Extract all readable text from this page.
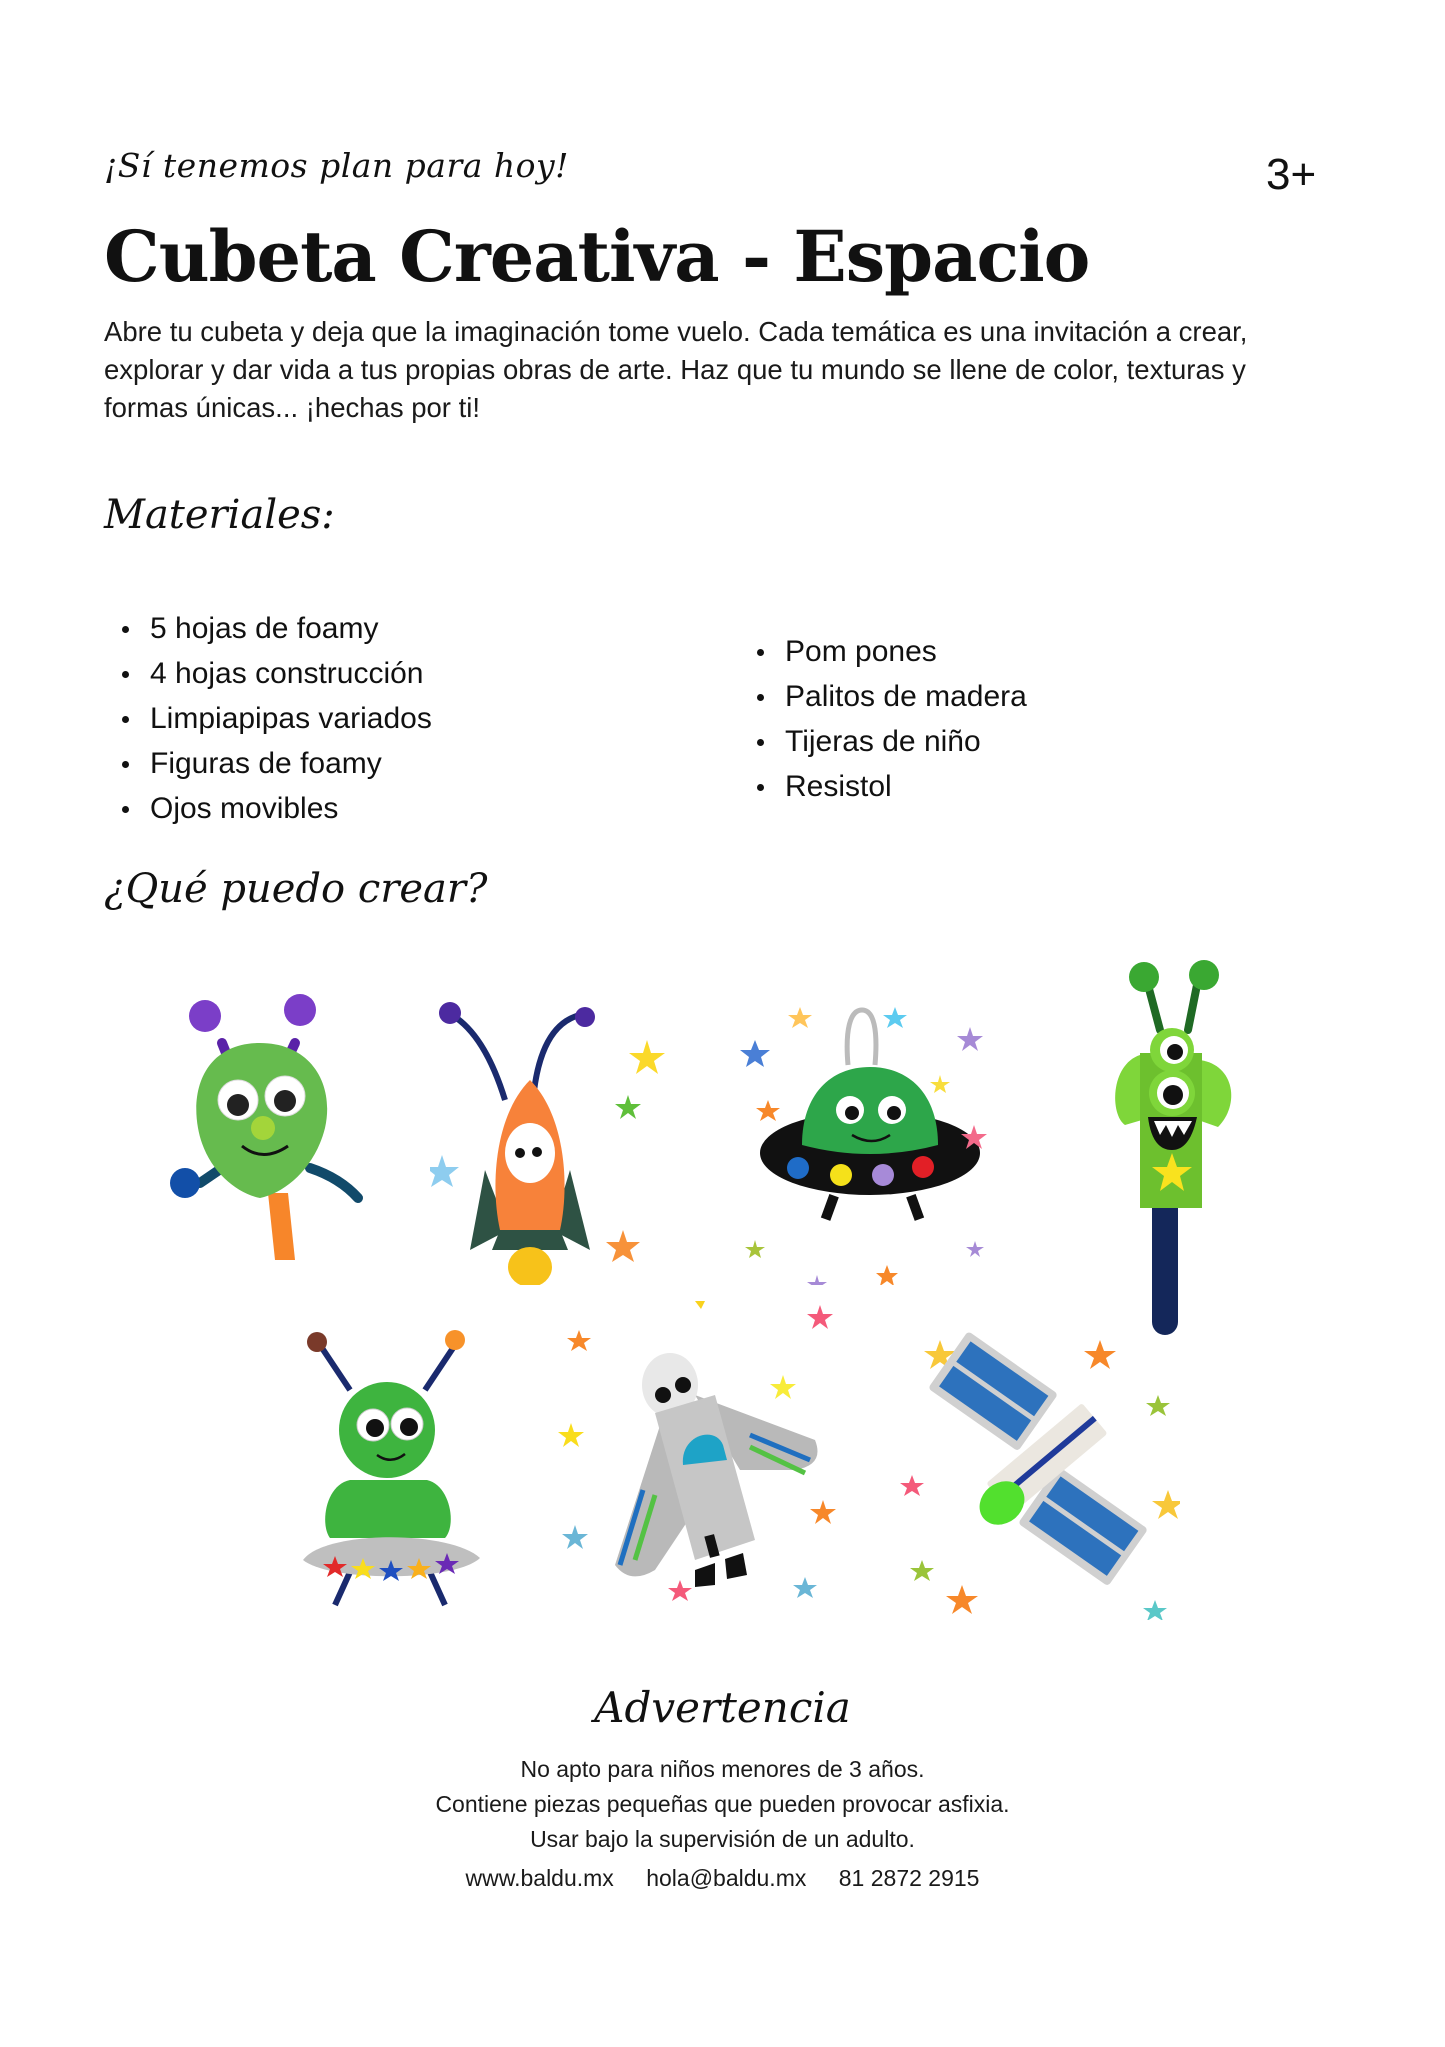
¡Sí tenemos plan para hoy!	3+
Cubeta Creativa - Espacio

Abre tu cubeta y deja que la imaginación tome vuelo. Cada temática es una invitación a crear, explorar y dar vida a tus propias obras de arte. Haz que tu mundo se llene de color, texturas y formas únicas... ¡hechas por ti!

Materiales:
5 hojas de foamy
4 hojas construcción
Limpiapipas variados
Figuras de foamy
Ojos movibles
Pom pones
Palitos de madera
Tijeras de niño
Resistol
¿Qué puedo crear?
Advertencia
No apto para niños menores de 3 años.
Contiene piezas pequeñas que pueden provocar asfixia.
Usar bajo la supervisión de un adulto.
www.baldu.mx hola@baldu.mx 81 2872 2915
